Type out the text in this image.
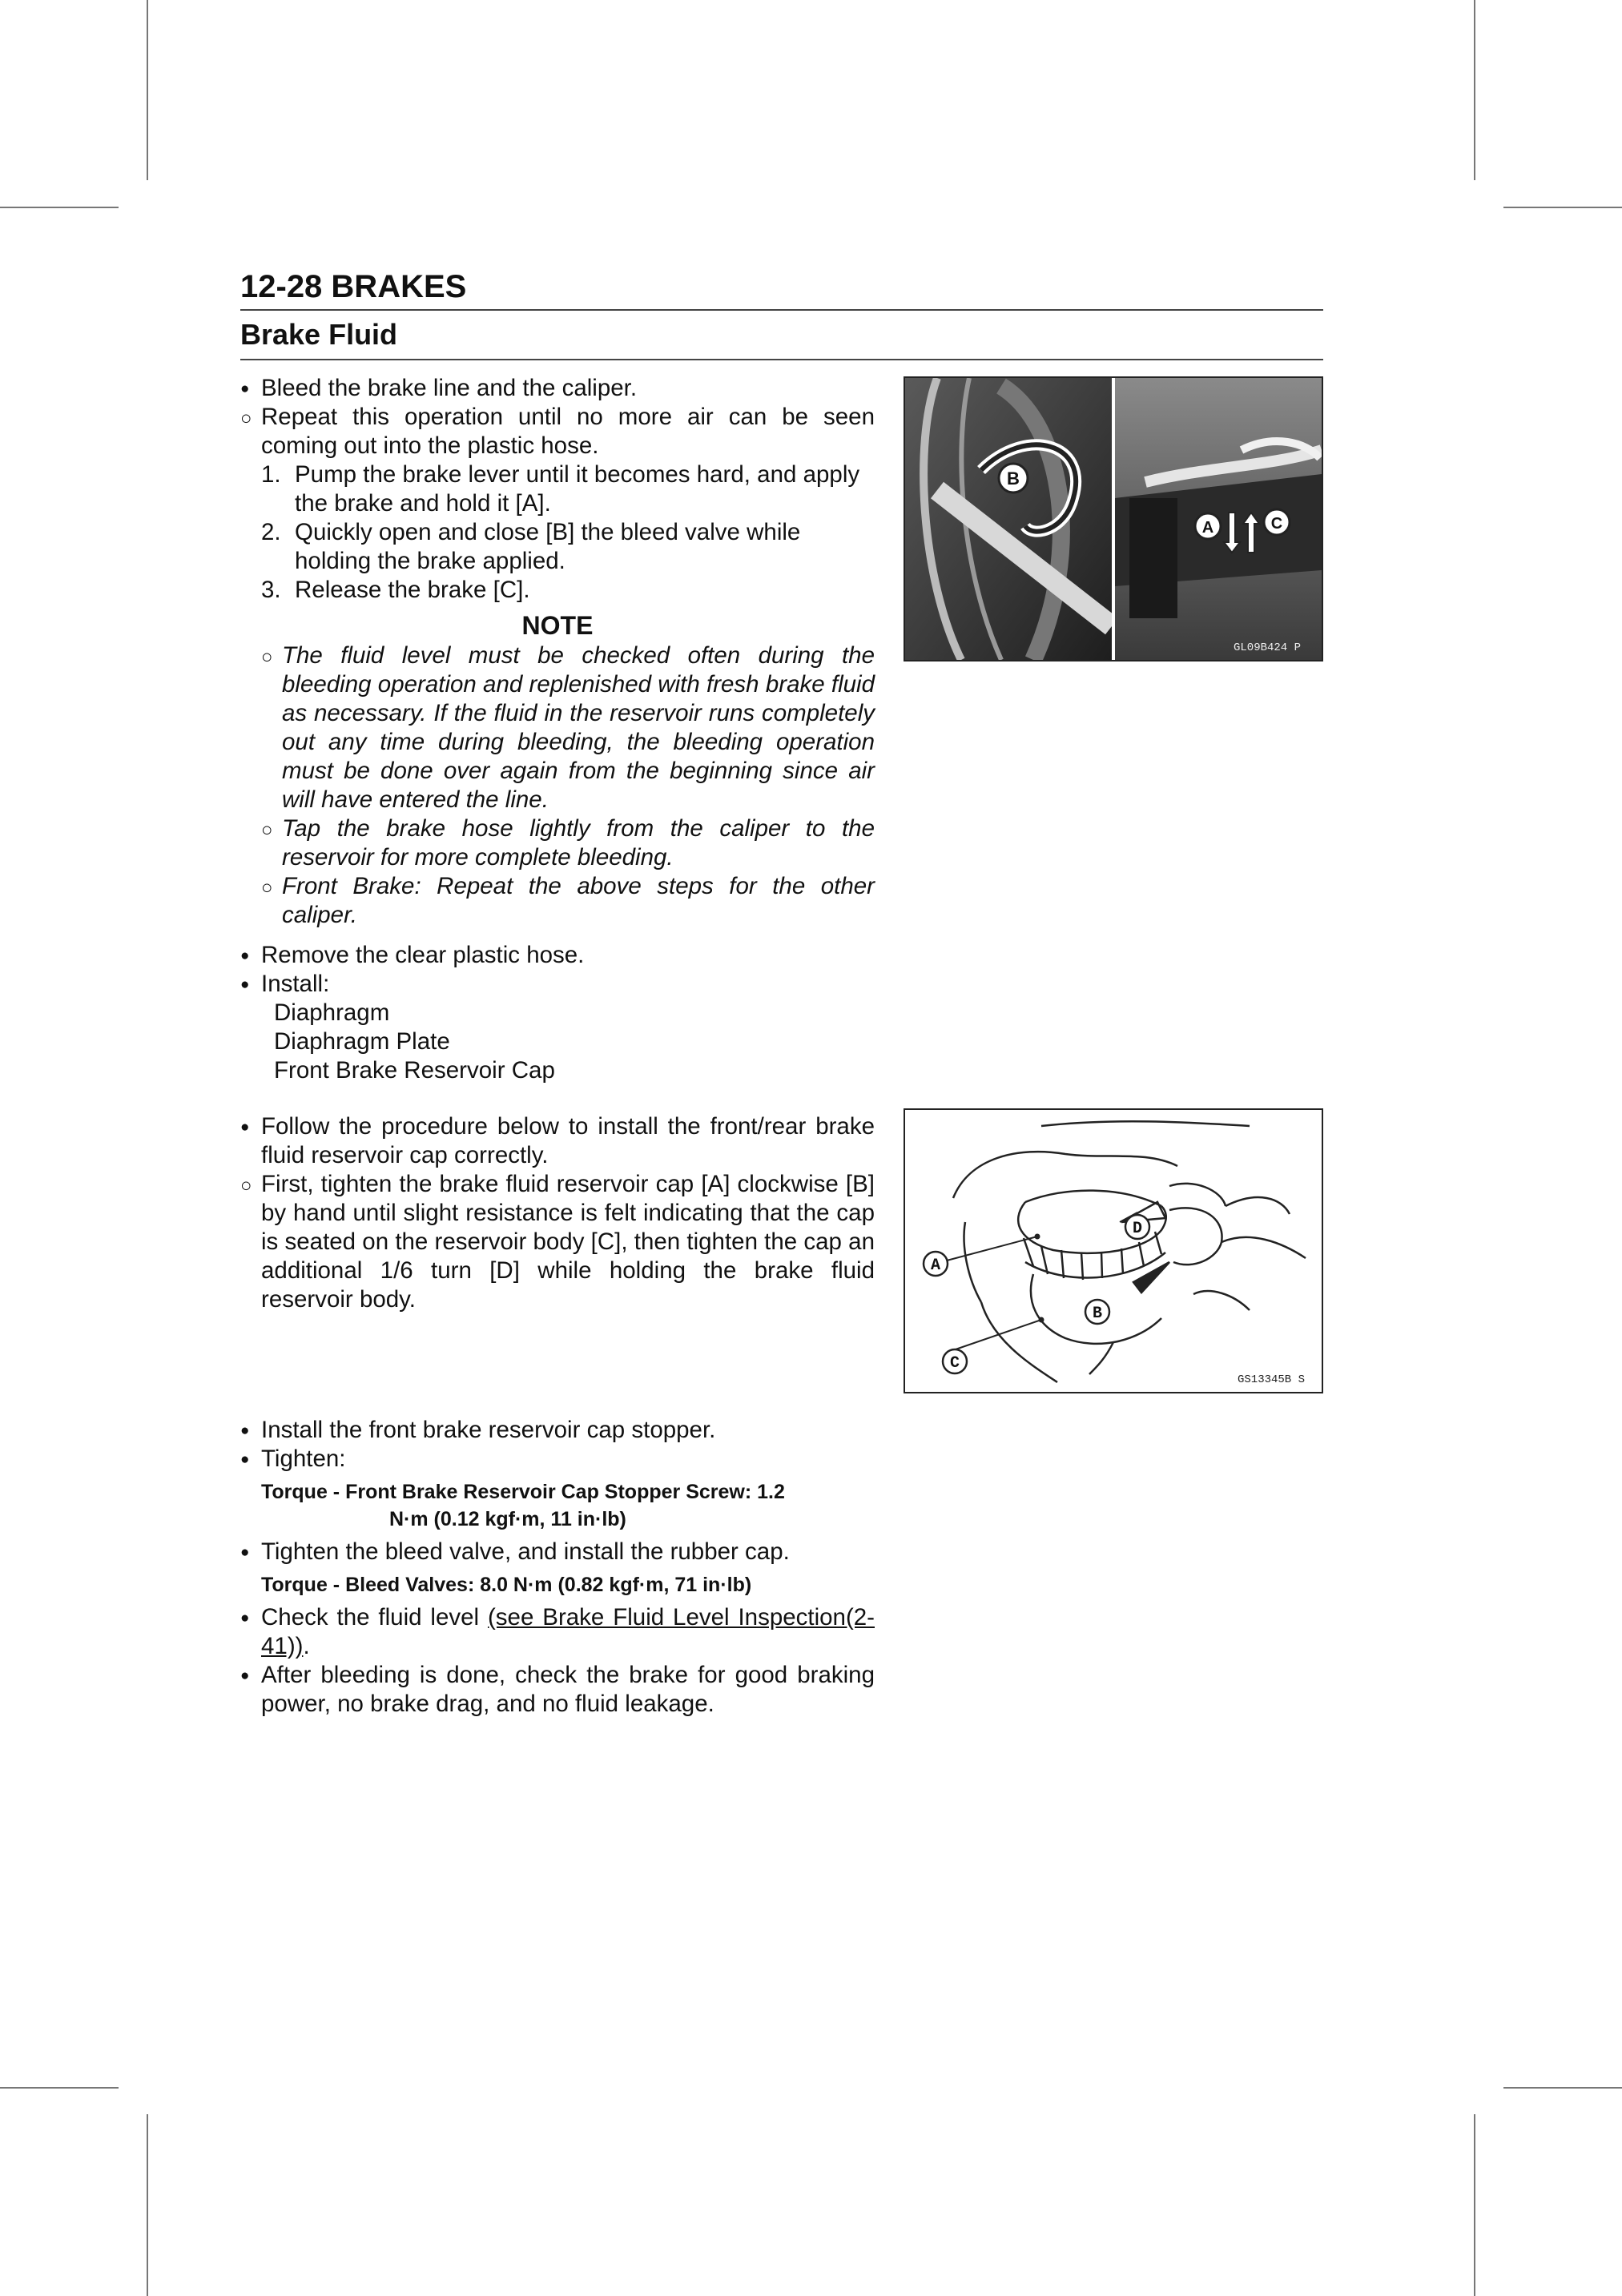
12-28 BRAKES
Brake Fluid

●
Bleed the brake line and the caliper.

○
Repeat this operation until no more air can be seen coming out into the plastic hose.

1. Pump the brake lever until it becomes hard, and apply the brake and hold it [A].

2. Quickly open and close [B] the bleed valve while holding the brake applied.

3. Release the brake [C].

NOTE

○
The fluid level must be checked often during the bleeding operation and replenished with fresh brake fluid as necessary. If the fluid in the reservoir runs completely out any time during bleeding, the bleeding operation must be done over again from the beginning since air will have entered the line.

○
Tap the brake hose lightly from the caliper to the reservoir for more complete bleeding.

○
Front Brake: Repeat the above steps for the other caliper.

●
Remove the clear plastic hose.

●
Install:

Diaphragm

Diaphragm Plate

Front Brake Reservoir Cap

●
Follow the procedure below to install the front/rear brake fluid reservoir cap correctly.

○
First, tighten the brake fluid reservoir cap [A] clockwise [B] by hand until slight resistance is felt indicating that the cap is seated on the reservoir body [C], then tighten the cap an additional 1/6 turn [D] while holding the brake fluid reservoir body.

●
Install the front brake reservoir cap stopper.

●
Tighten:

Torque - Front Brake Reservoir Cap Stopper Screw: 1.2
N·m (0.12 kgf·m, 11 in·lb)

●
Tighten the bleed valve, and install the rubber cap.

Torque - Bleed Valves: 8.0 N·m (0.82 kgf·m, 71 in·lb)

●
Check the fluid level (see Brake Fluid Level Inspection(2-41)).

●
After bleeding is done, check the brake for good braking power, no brake drag, and no fluid leakage.

B
A	C
GL09B424 P
A
B
C
D
GS13345B S
